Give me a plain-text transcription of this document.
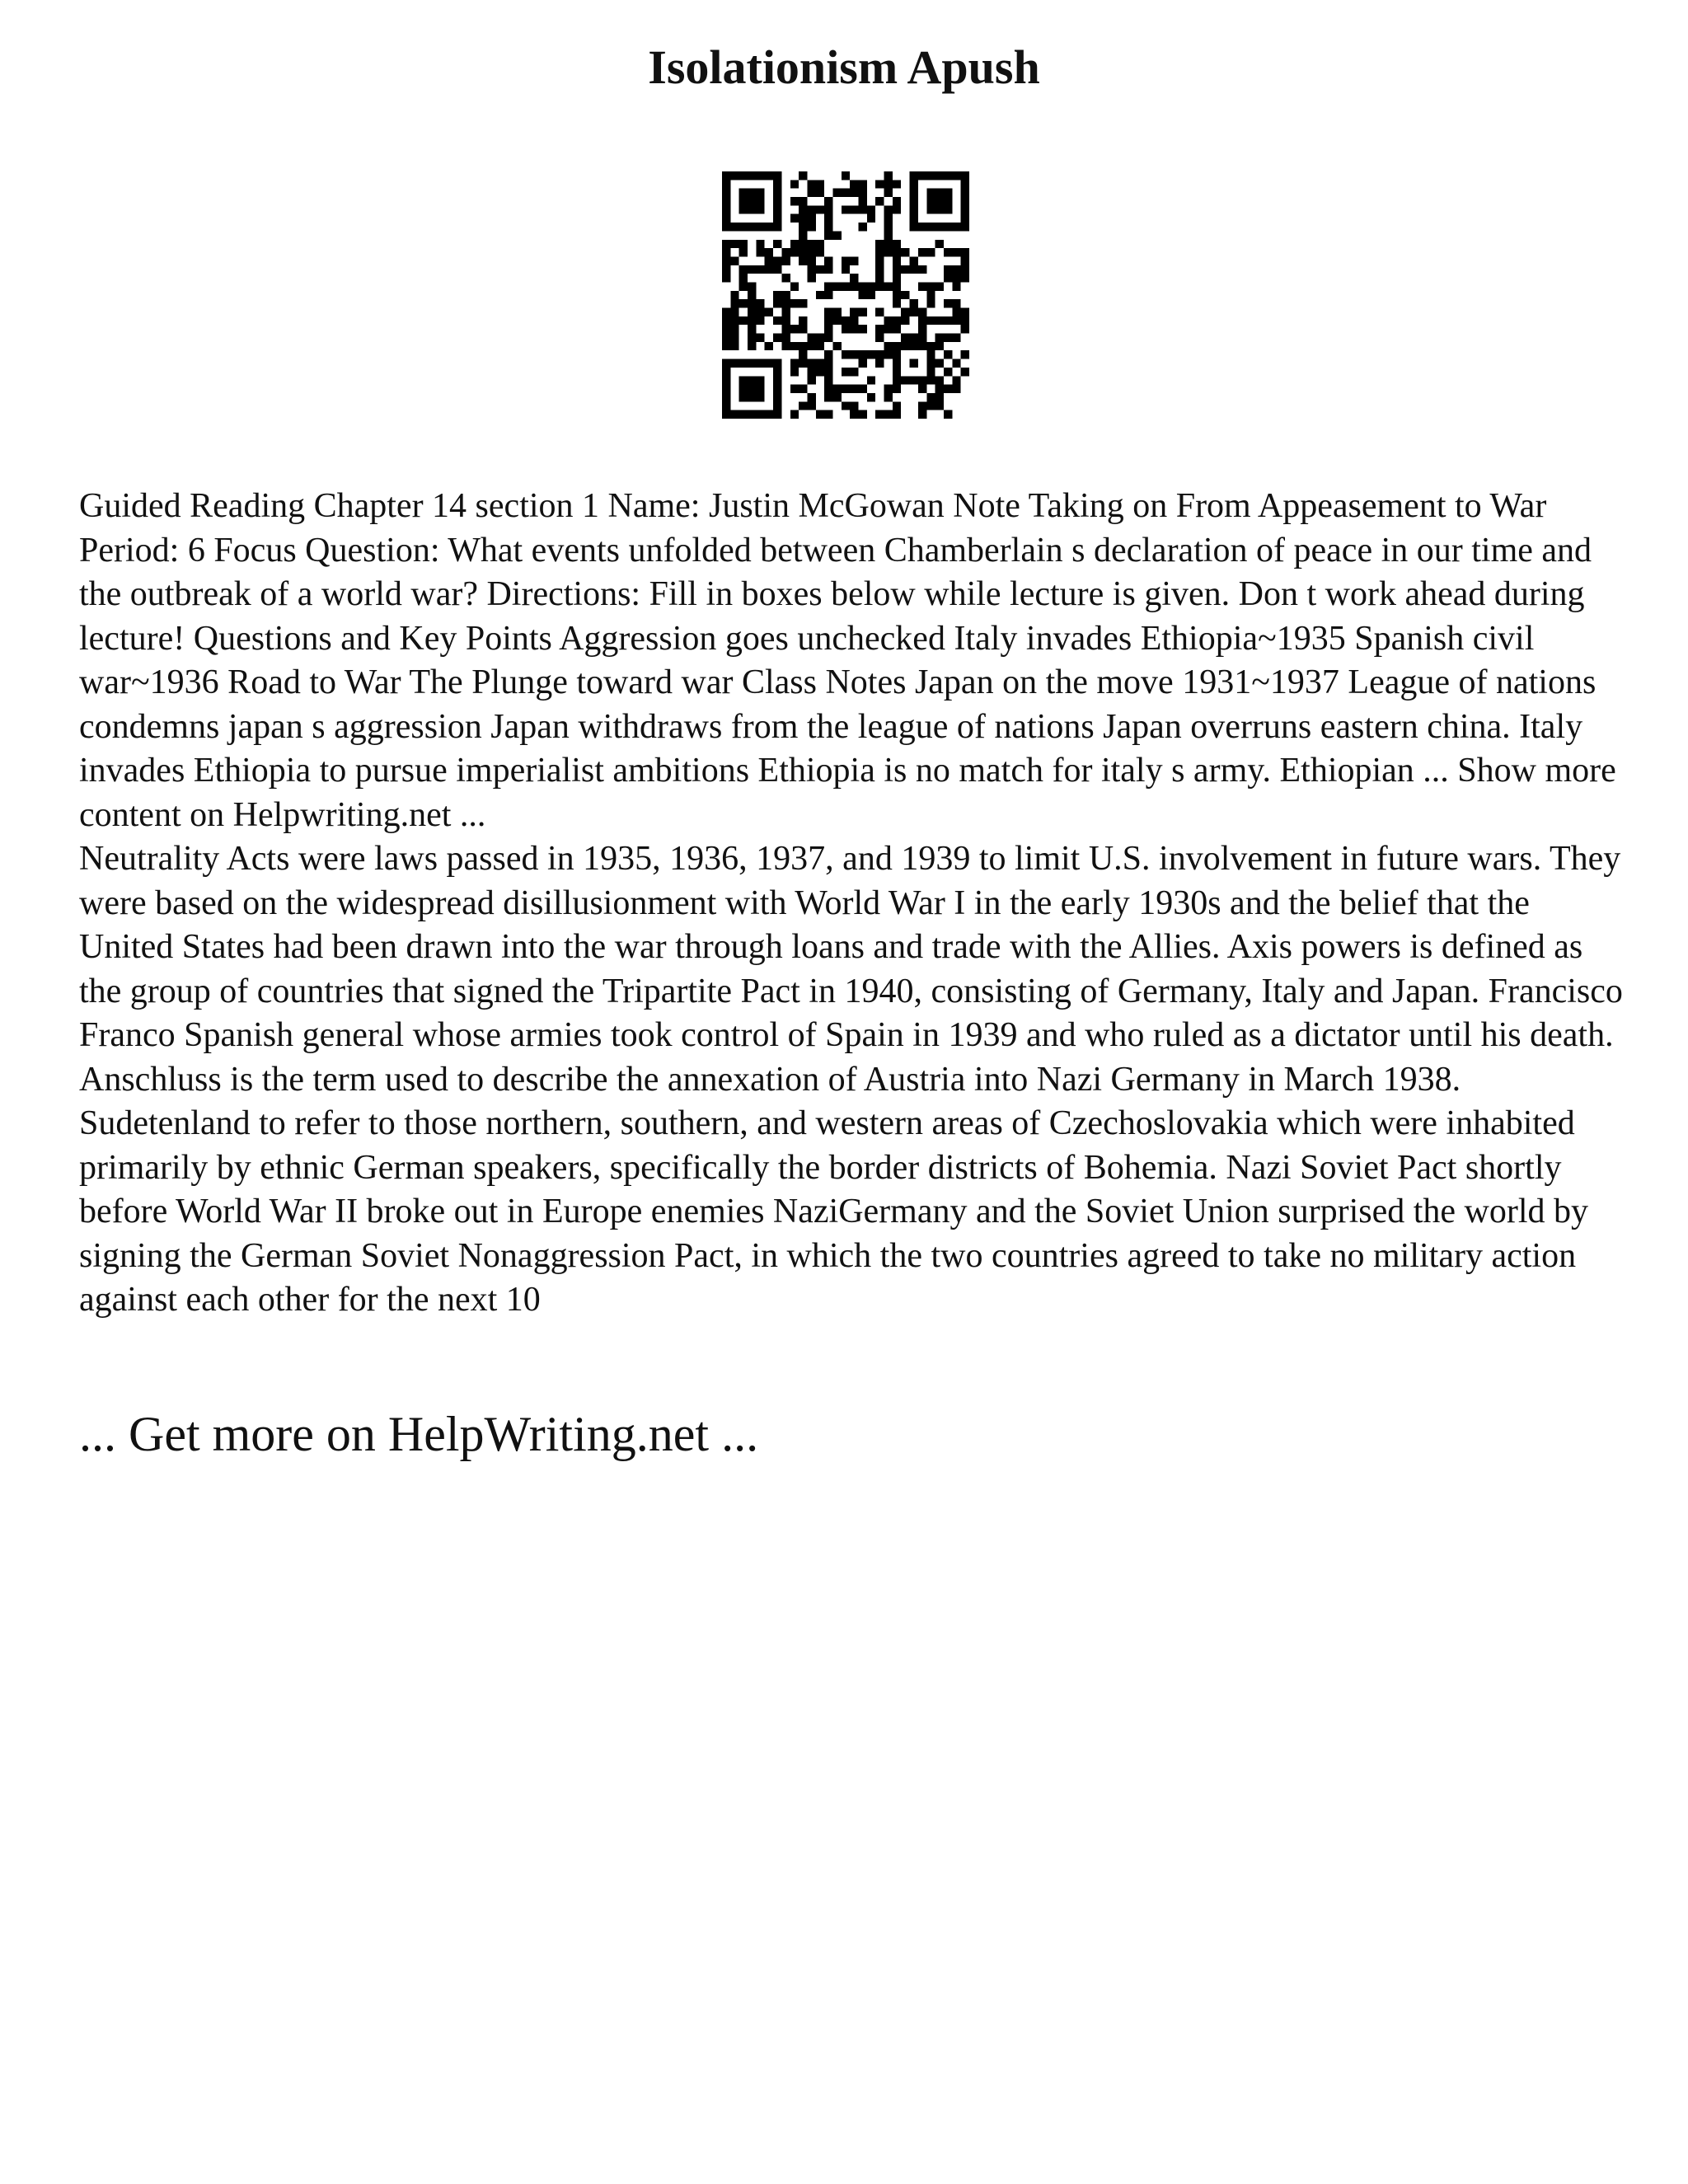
Isolationism Apush

Guided Reading Chapter 14 section 1 Name: Justin McGowan Note Taking on From Appeasement to War Period: 6 Focus Question: What events unfolded between Chamberlain s declaration of peace in our time and the outbreak of a world war? Directions: Fill in boxes below while lecture is given. Don t work ahead during lecture! Questions and Key Points Aggression goes unchecked Italy invades Ethiopia~1935 Spanish civil war~1936 Road to War The Plunge toward war Class Notes Japan on the move 1931~1937 League of nations condemns japan s aggression Japan withdraws from the league of nations Japan overruns eastern china. Italy invades Ethiopia to pursue imperialist ambitions Ethiopia is no match for italy s army. Ethiopian ... Show more content on Helpwriting.net ...

Neutrality Acts were laws passed in 1935, 1936, 1937, and 1939 to limit U.S. involvement in future wars. They were based on the widespread disillusionment with World War I in the early 1930s and the belief that the United States had been drawn into the war through loans and trade with the Allies. Axis powers is defined as the group of countries that signed the Tripartite Pact in 1940, consisting of Germany, Italy and Japan. Francisco Franco Spanish general whose armies took control of Spain in 1939 and who ruled as a dictator until his death. Anschluss is the term used to describe the annexation of Austria into Nazi Germany in March 1938. Sudetenland to refer to those northern, southern, and western areas of Czechoslovakia which were inhabited primarily by ethnic German speakers, specifically the border districts of Bohemia. Nazi Soviet Pact shortly before World War II broke out in Europe enemies NaziGermany and the Soviet Union surprised the world by signing the German Soviet Nonaggression Pact, in which the two countries agreed to take no military action against each other for the next 10

... Get more on HelpWriting.net ...
